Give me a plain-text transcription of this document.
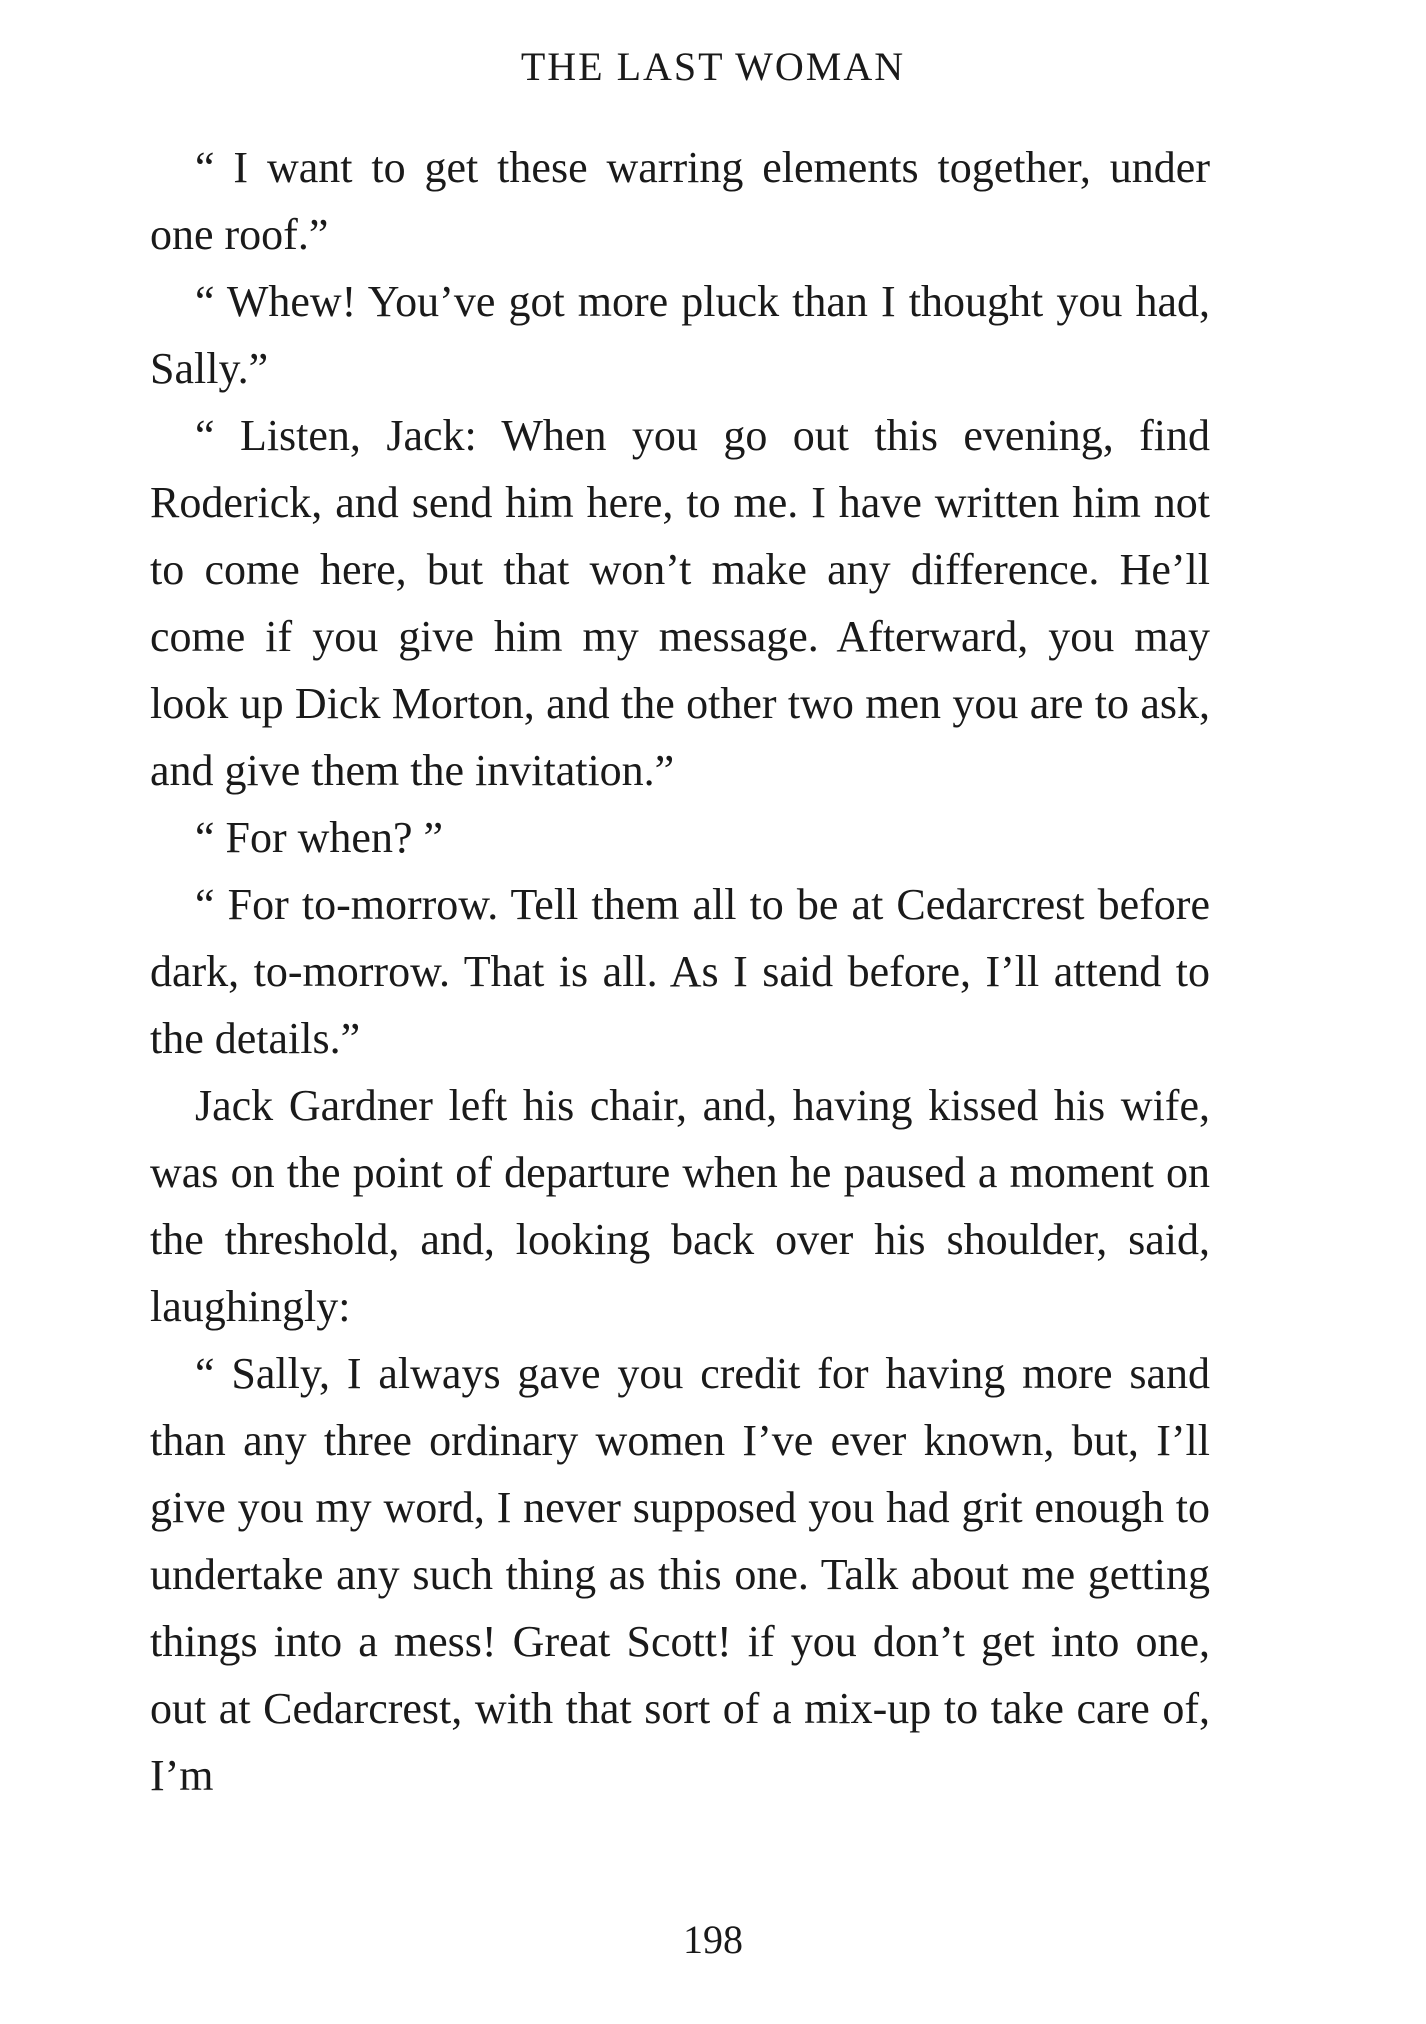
THE LAST WOMAN

“ I want to get these warring elements together, under one roof.”

“ Whew! You’ve got more pluck than I thought you had, Sally.”

“ Listen, Jack: When you go out this evening, find Roderick, and send him here, to me. I have written him not to come here, but that won’t make any difference. He’ll come if you give him my message. Afterward, you may look up Dick Morton, and the other two men you are to ask, and give them the invitation.”

“ For when? ”

“ For to-morrow. Tell them all to be at Cedarcrest before dark, to-morrow. That is all. As I said before, I’ll attend to the details.”

Jack Gardner left his chair, and, having kissed his wife, was on the point of departure when he paused a moment on the threshold, and, looking back over his shoulder, said, laughingly:

“ Sally, I always gave you credit for having more sand than any three ordinary women I’ve ever known, but, I’ll give you my word, I never supposed you had grit enough to undertake any such thing as this one. Talk about me getting things into a mess! Great Scott! if you don’t get into one, out at Cedarcrest, with that sort of a mix-up to take care of, I’m

198
